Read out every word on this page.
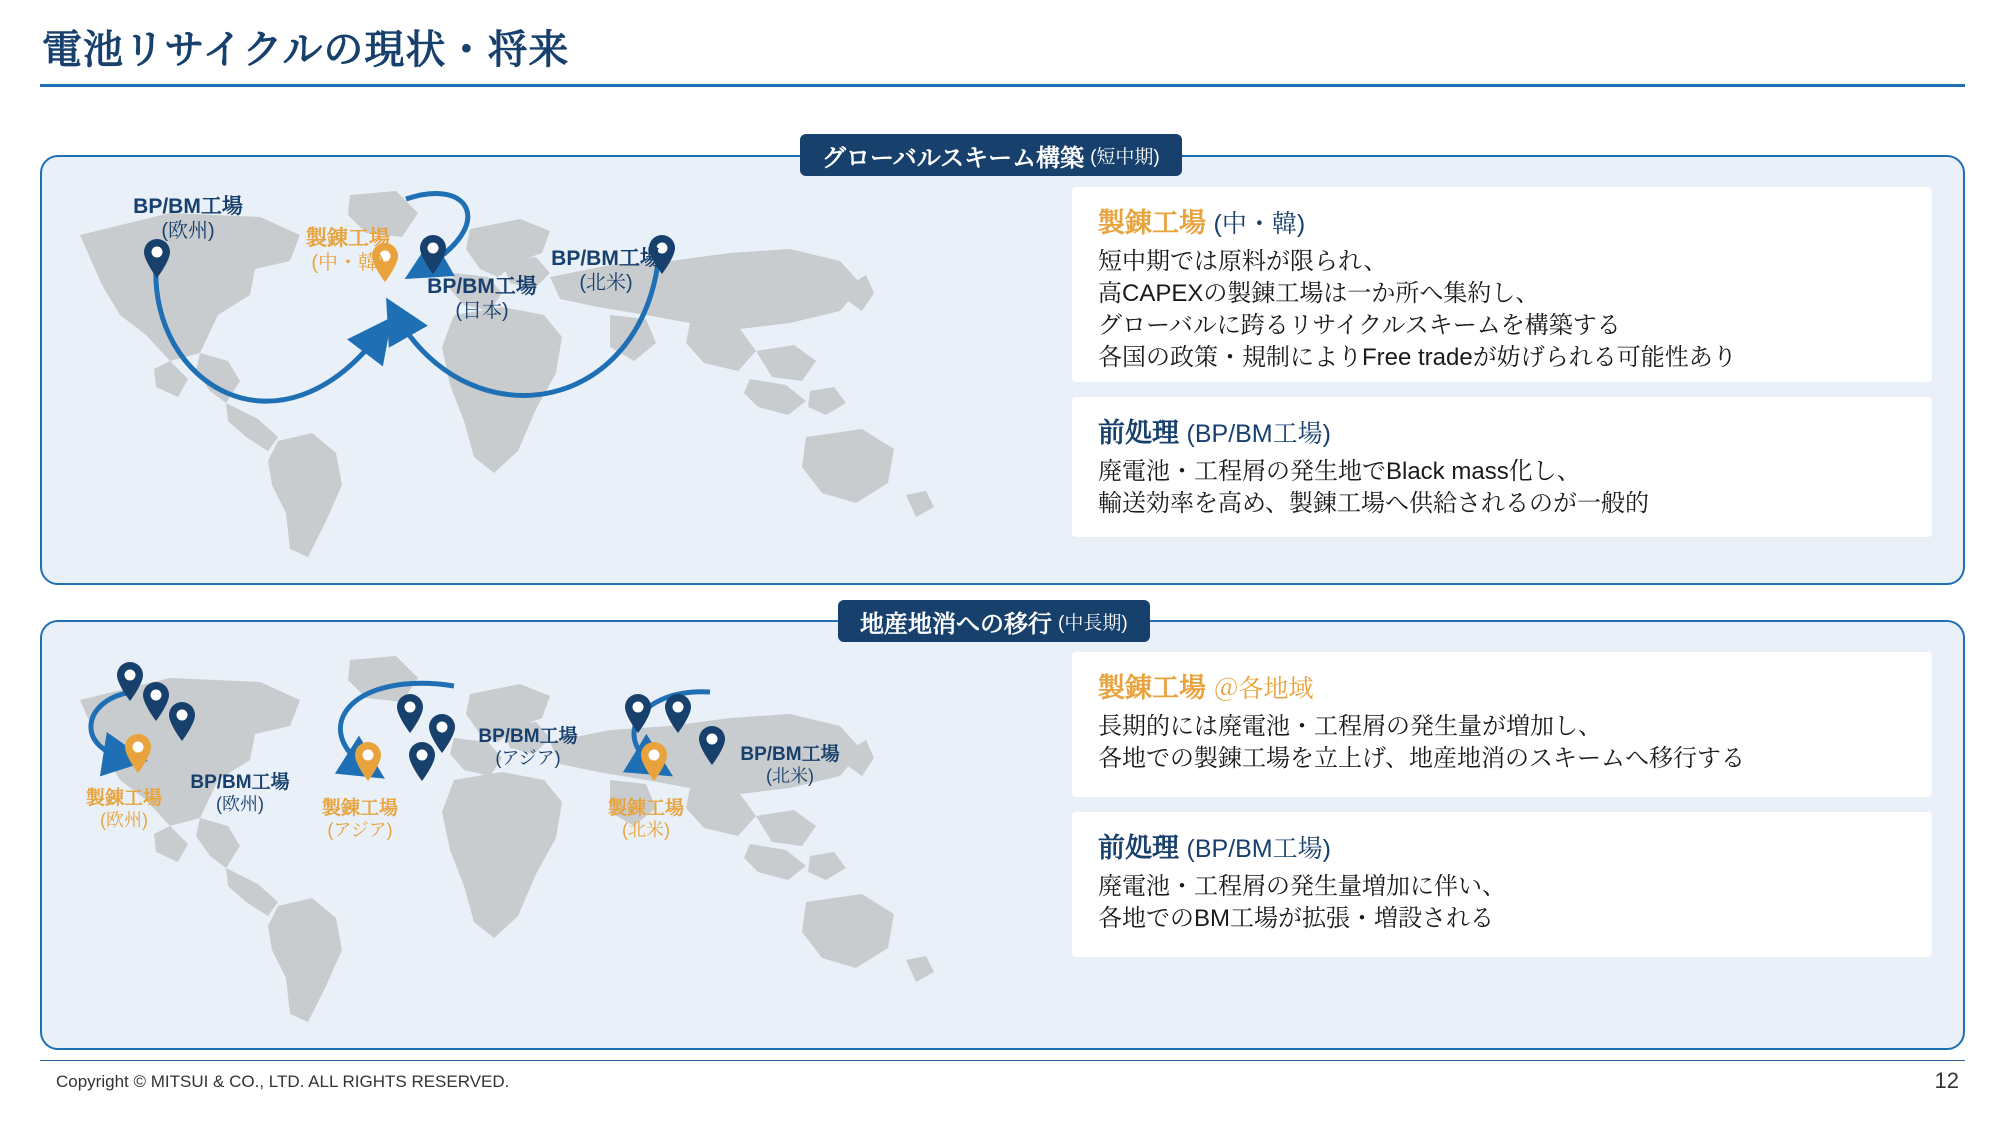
電池リサイクルの現状・将来
BP/BM工場
(欧州)	製錬工場
(中・韓)
BP/BM工場
(日本)
BP/BM工場
(北米)
製錬工場 (中・韓)
短中期では原料が限られ、
高CAPEXの製錬工場は一か所へ集約し、
グローバルに跨るリサイクルスキームを構築する
各国の政策・規制によりFree tradeが妨げられる可能性あり
前処理 (BP/BM工場)
廃電池・工程屑の発生地でBlack mass化し、
輸送効率を高め、製錬工場へ供給されるのが一般的
グローバルスキーム構築 (短中期)
製錬工場
(欧州)
BP/BM工場
(欧州)	製錬工場
(アジア)
BP/BM工場
(アジア)
製錬工場
(北米)
BP/BM工場
(北米)
製錬工場 ＠各地域
長期的には廃電池・工程屑の発生量が増加し、
各地での製錬工場を立上げ、地産地消のスキームへ移行する
前処理 (BP/BM工場)
廃電池・工程屑の発生量増加に伴い、
各地でのBM工場が拡張・増設される
地産地消への移行 (中長期)
Copyright © MITSUI & CO., LTD. ALL RIGHTS RESERVED.	12
